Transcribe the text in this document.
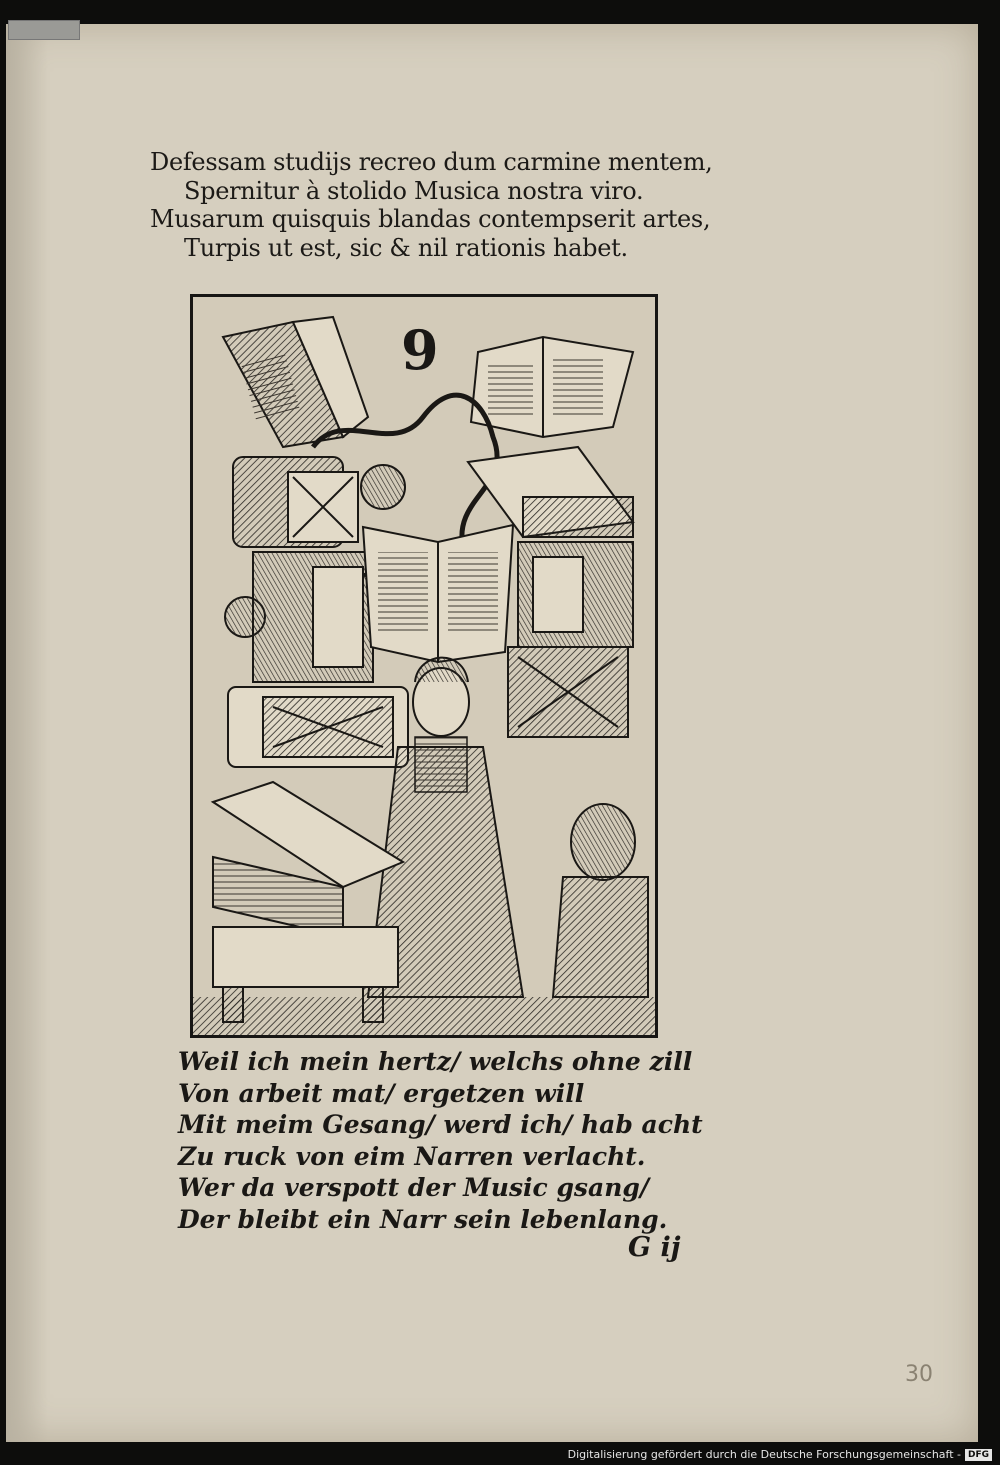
Defessam studijs recreo dum carmine mentem,
Spernitur à stolido Musica nostra viro.
Musarum quisquis blandas contempserit artes,
Turpis ut est, sic & nil rationis habet.
9
Weil ich mein hertz/ welchs ohne zill
Von arbeit mat/ ergetzen will
Mit meim Gesang/ werd ich/ hab acht
Zu ruck von eim Narren verlacht.
Wer da verspott der Music gsang/
Der bleibt ein Narr sein lebenlang.
G ij
30
Digitalisierung gefördert durch die Deutsche Forschungsgemeinschaft - DFG
